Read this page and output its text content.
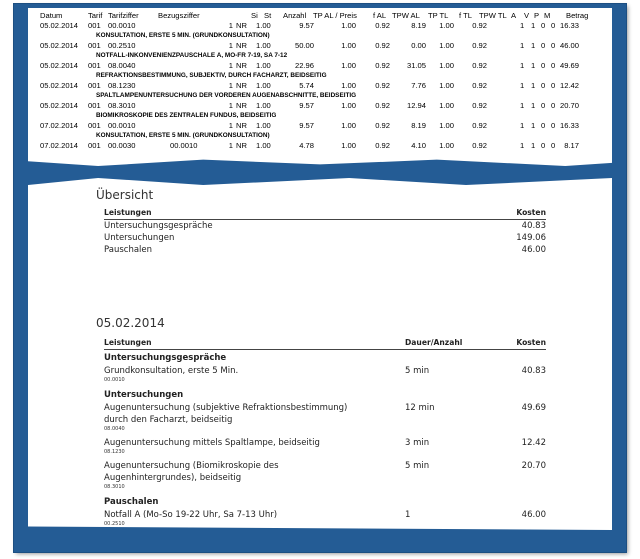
Datum	Tarif Tarifziffer	Bezugsziffer	Si St Anzahl TP AL / Preis f AL TPW AL TP TL f TL TPW TL A V P M Betrag
05.02.2014 001 00.0010	1 NR 1.00	9.57	1.00	0.92	8.19	1.00	0.92	1 1 0 0 16.33
KONSULTATION, ERSTE 5 MIN. (GRUNDKONSULTATION)
05.02.2014 001 00.2510	1 NR 1.00	50.00	1.00	0.92	0.00	1.00	0.92	1 1 0 0 46.00
NOTFALL-INKONVENIENZPAUSCHALE A, MO-FR 7-19, SA 7-12
05.02.2014 001 08.0040	1 NR 1.00	22.96	1.00	0.92	31.05	1.00	0.92	1 1 0 0 49.69
REFRAKTIONSBESTIMMUNG, SUBJEKTIV, DURCH FACHARZT, BEIDSEITIG
05.02.2014 001 08.1230	1 NR 1.00	5.74	1.00	0.92	7.76	1.00	0.92	1 1 0 0 12.42
SPALTLAMPENUNTERSUCHUNG DER VORDEREN AUGENABSCHNITTE, BEIDSEITIG
05.02.2014 001 08.3010	1 NR 1.00	9.57	1.00	0.92	12.94	1.00	0.92	1 1 0 0 20.70
BIOMIKROSKOPIE DES ZENTRALEN FUNDUS, BEIDSEITIG
07.02.2014 001 00.0010	1 NR 1.00	9.57	1.00	0.92	8.19	1.00	0.92	1 1 0 0 16.33
KONSULTATION, ERSTE 5 MIN. (GRUNDKONSULTATION)
07.02.2014 001 00.0030	00.0010	1 NR 1.00	4.78	1.00	0.92	4.10	1.00	0.92	1 1 0 0	8.17
Übersicht
Leistungen	Kosten
Untersuchungsgespräche	40.83
Untersuchungen	149.06
Pauschalen	46.00
05.02.2014
Leistungen	Dauer/Anzahl	Kosten
Untersuchungsgespräche
Grundkonsultation, erste 5 Min.
00.0010
5 min	40.83
Untersuchungen
Augenuntersuchung (subjektive Refraktionsbestimmung) durch den Facharzt, beidseitig
08.0040
12 min	49.69
Augenuntersuchung mittels Spaltlampe, beidseitig
08.1230
3 min	12.42
Augenuntersuchung (Biomikroskopie des Augenhintergrundes), beidseitig
08.3010
5 min	20.70
Pauschalen
Notfall A (Mo-So 19-22 Uhr, Sa 7-13 Uhr)
00.2510
1	46.00
